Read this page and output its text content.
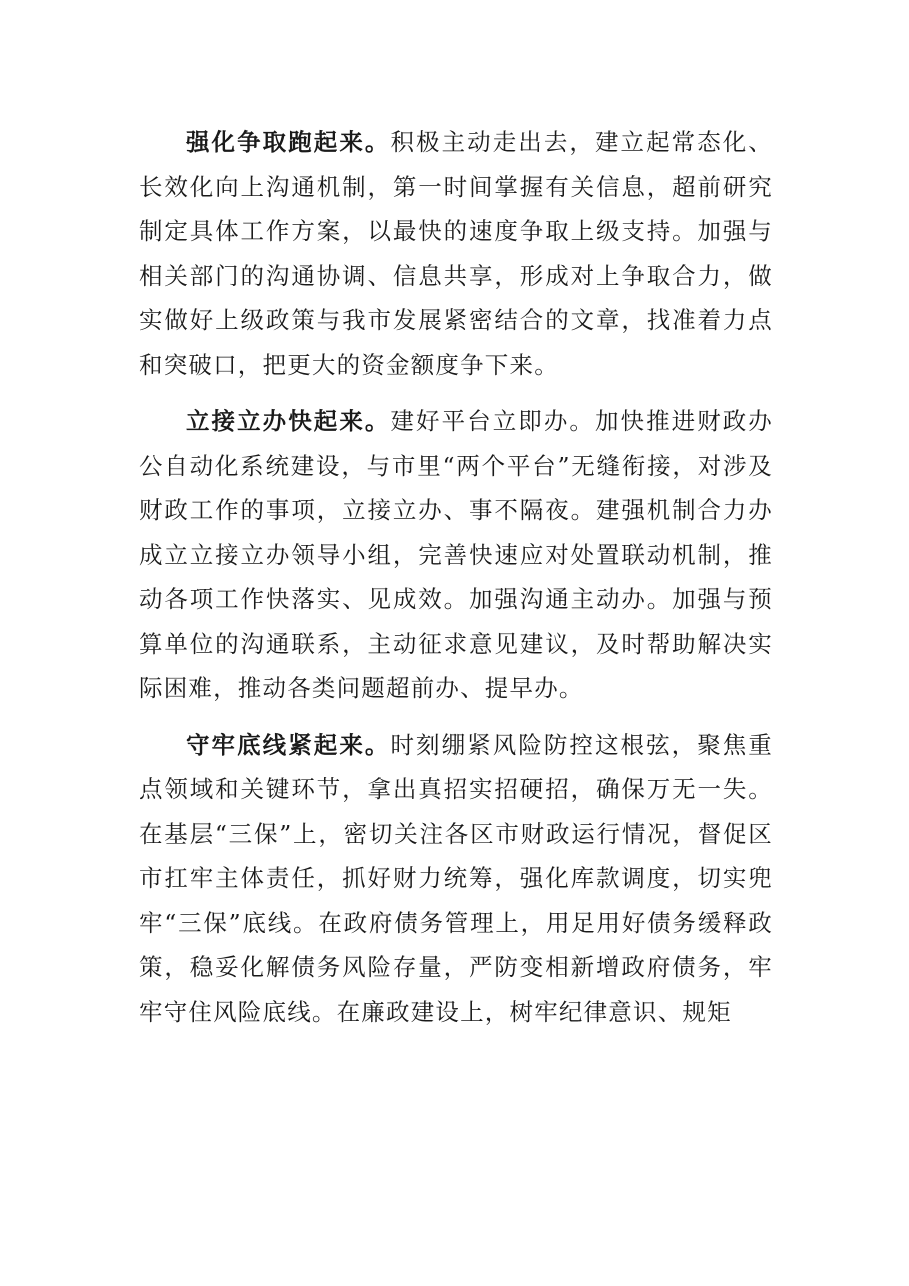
强化争取跑起来。积极主动走出去，建立起常态化、长效化向上沟通机制，第一时间掌握有关信息，超前研究制定具体工作方案，以最快的速度争取上级支持。加强与相关部门的沟通协调、信息共享，形成对上争取合力，做实做好上级政策与我市发展紧密结合的文章，找准着力点和突破口，把更大的资金额度争下来。

立接立办快起来。建好平台立即办。加快推进财政办公自动化系统建设，与市里“两个平台”无缝衔接，对涉及财政工作的事项，立接立办、事不隔夜。建强机制合力办成立立接立办领导小组，完善快速应对处置联动机制，推动各项工作快落实、见成效。加强沟通主动办。加强与预算单位的沟通联系，主动征求意见建议，及时帮助解决实际困难，推动各类问题超前办、提早办。

守牢底线紧起来。时刻绷紧风险防控这根弦，聚焦重点领域和关键环节，拿出真招实招硬招，确保万无一失。在基层“三保”上，密切关注各区市财政运行情况，督促区市扛牢主体责任，抓好财力统筹，强化库款调度，切实兜牢“三保”底线。在政府债务管理上，用足用好债务缓释政策，稳妥化解债务风险存量，严防变相新增政府债务，牢牢守住风险底线。在廉政建设上，树牢纪律意识、规矩
